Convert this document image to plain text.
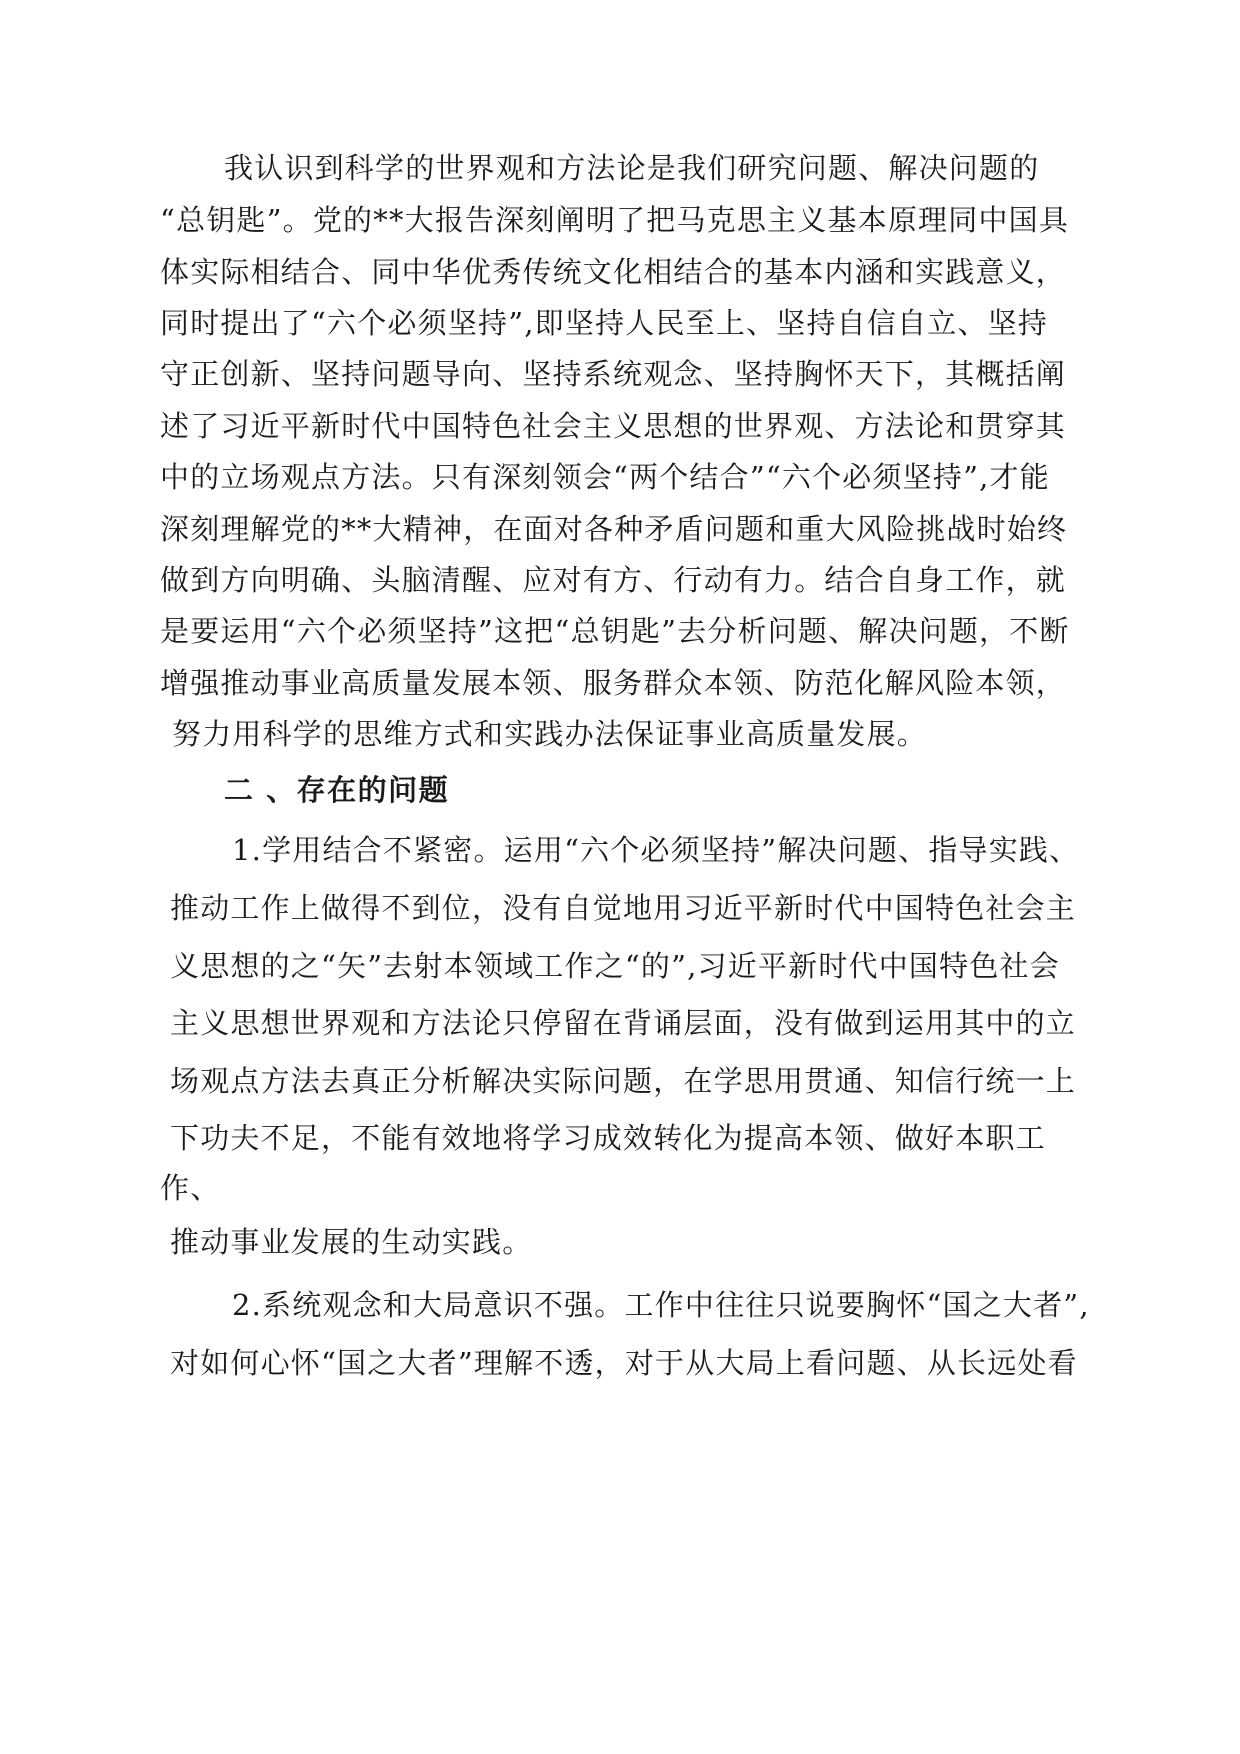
我认识到科学的世界观和方法论是我们研究问题、解决问题的
“总钥匙”。党的**大报告深刻阐明了把马克思主义基本原理同中国具
体实际相结合、同中华优秀传统文化相结合的基本内涵和实践意义，
同时提出了“六个必须坚持”,即坚持人民至上、坚持自信自立、坚持
守正创新、坚持问题导向、坚持系统观念、坚持胸怀天下，其概括阐
述了习近平新时代中国特色社会主义思想的世界观、方法论和贯穿其
中的立场观点方法。只有深刻领会“两个结合”“六个必须坚持”,才能
深刻理解党的**大精神，在面对各种矛盾问题和重大风险挑战时始终
做到方向明确、头脑清醒、应对有方、行动有力。结合自身工作，就
是要运用“六个必须坚持”这把“总钥匙”去分析问题、解决问题，不断
增强推动事业高质量发展本领、服务群众本领、防范化解风险本领，
努力用科学的思维方式和实践办法保证事业高质量发展。
二 、存在的问题
1.学用结合不紧密。运用“六个必须坚持”解决问题、指导实践、
推动工作上做得不到位，没有自觉地用习近平新时代中国特色社会主
义思想的之“矢”去射本领域工作之“的”,习近平新时代中国特色社会
主义思想世界观和方法论只停留在背诵层面，没有做到运用其中的立
场观点方法去真正分析解决实际问题，在学思用贯通、知信行统一上
下功夫不足，不能有效地将学习成效转化为提高本领、做好本职工
作、
推动事业发展的生动实践。
2.系统观念和大局意识不强。工作中往往只说要胸怀“国之大者”,
对如何心怀“国之大者”理解不透，对于从大局上看问题、从长远处看
